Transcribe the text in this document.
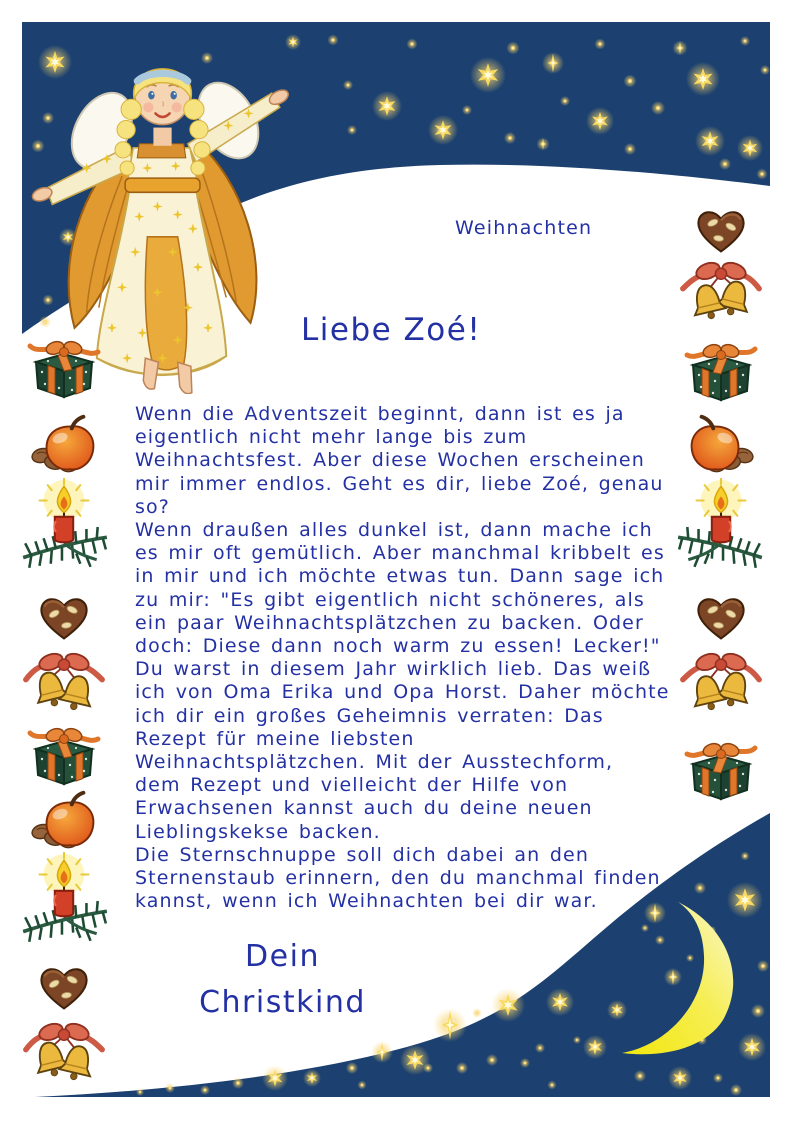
Weihnachten
Liebe Zoé!
Wenn die Adventszeit beginnt, dann ist es ja
eigentlich nicht mehr lange bis zum
Weihnachtsfest. Aber diese Wochen erscheinen
mir immer endlos. Geht es dir, liebe Zoé, genau
so?
Wenn draußen alles dunkel ist, dann mache ich
es mir oft gemütlich. Aber manchmal kribbelt es
in mir und ich möchte etwas tun. Dann sage ich
zu mir: "Es gibt eigentlich nicht schöneres, als
ein paar Weihnachtsplätzchen zu backen. Oder
doch: Diese dann noch warm zu essen! Lecker!"
Du warst in diesem Jahr wirklich lieb. Das weiß
ich von Oma Erika und Opa Horst. Daher möchte
ich dir ein großes Geheimnis verraten: Das
Rezept für meine liebsten
Weihnachtsplätzchen. Mit der Ausstechform,
dem Rezept und vielleicht der Hilfe von
Erwachsenen kannst auch du deine neuen
Lieblingskekse backen.
Die Sternschnuppe soll dich dabei an den
Sternenstaub erinnern, den du manchmal finden
kannst, wenn ich Weihnachten bei dir war.
Dein
Christkind
